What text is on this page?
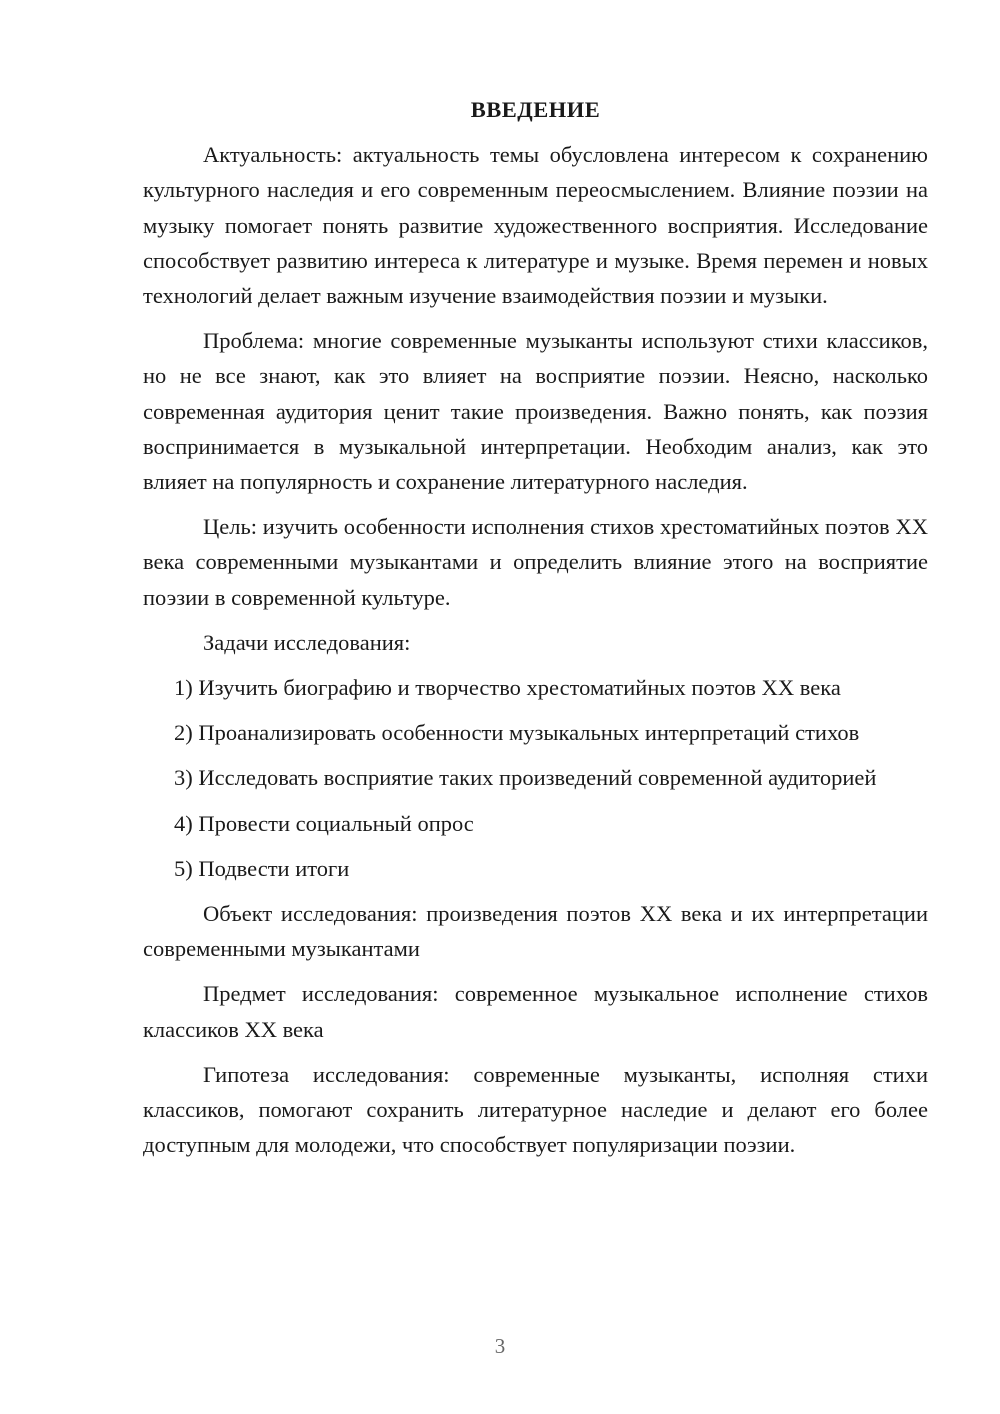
ВВЕДЕНИЕ

Актуальность: актуальность темы обусловлена интересом к сохранению культурного наследия и его современным переосмыслением. Влияние поэзии на музыку помогает понять развитие художественного восприятия. Исследование способствует развитию интереса к литературе и музыке. Время перемен и новых технологий делает важным изучение взаимодействия поэзии и музыки.

Проблема: многие современные музыканты используют стихи классиков, но не все знают, как это влияет на восприятие поэзии. Неясно, насколько современная аудитория ценит такие произведения. Важно понять, как поэзия воспринимается в музыкальной интерпретации. Необходим анализ, как это влияет на популярность и сохранение литературного наследия.

Цель: изучить особенности исполнения стихов хрестоматийных поэтов XX века современными музыкантами и определить влияние этого на восприятие поэзии в современной культуре.

Задачи исследования:

1) Изучить биографию и творчество хрестоматийных поэтов XX века

2) Проанализировать особенности музыкальных интерпретаций стихов

3) Исследовать восприятие таких произведений современной аудиторией

4) Провести социальный опрос

5) Подвести итоги

Объект исследования: произведения поэтов XX века и их интерпретации современными музыкантами

Предмет исследования: современное музыкальное исполнение стихов классиков XX века

Гипотеза исследования: современные музыканты, исполняя стихи классиков, помогают сохранить литературное наследие и делают его более доступным для молодежи, что способствует популяризации поэзии.

3
